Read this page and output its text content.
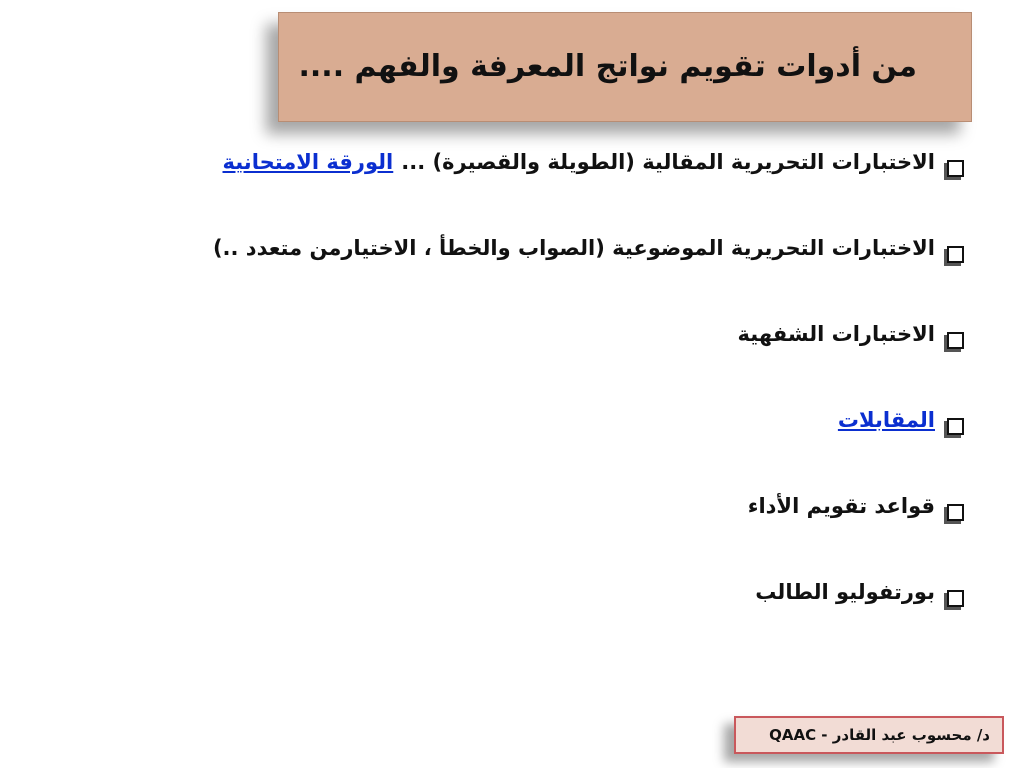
من أدوات تقويم نواتج المعرفة والفهم ....
الاختبارات التحريرية المقالية (الطويلة والقصيرة) ...
الورقة الامتحانية
الاختبارات التحريرية الموضوعية (الصواب والخطأ ، الاختيارمن متعدد ..)
الاختبارات الشفهية
المقابلات
قواعد تقويم الأداء
بورتفوليو الطالب
د/ محسوب عبد القادر - QAAC
